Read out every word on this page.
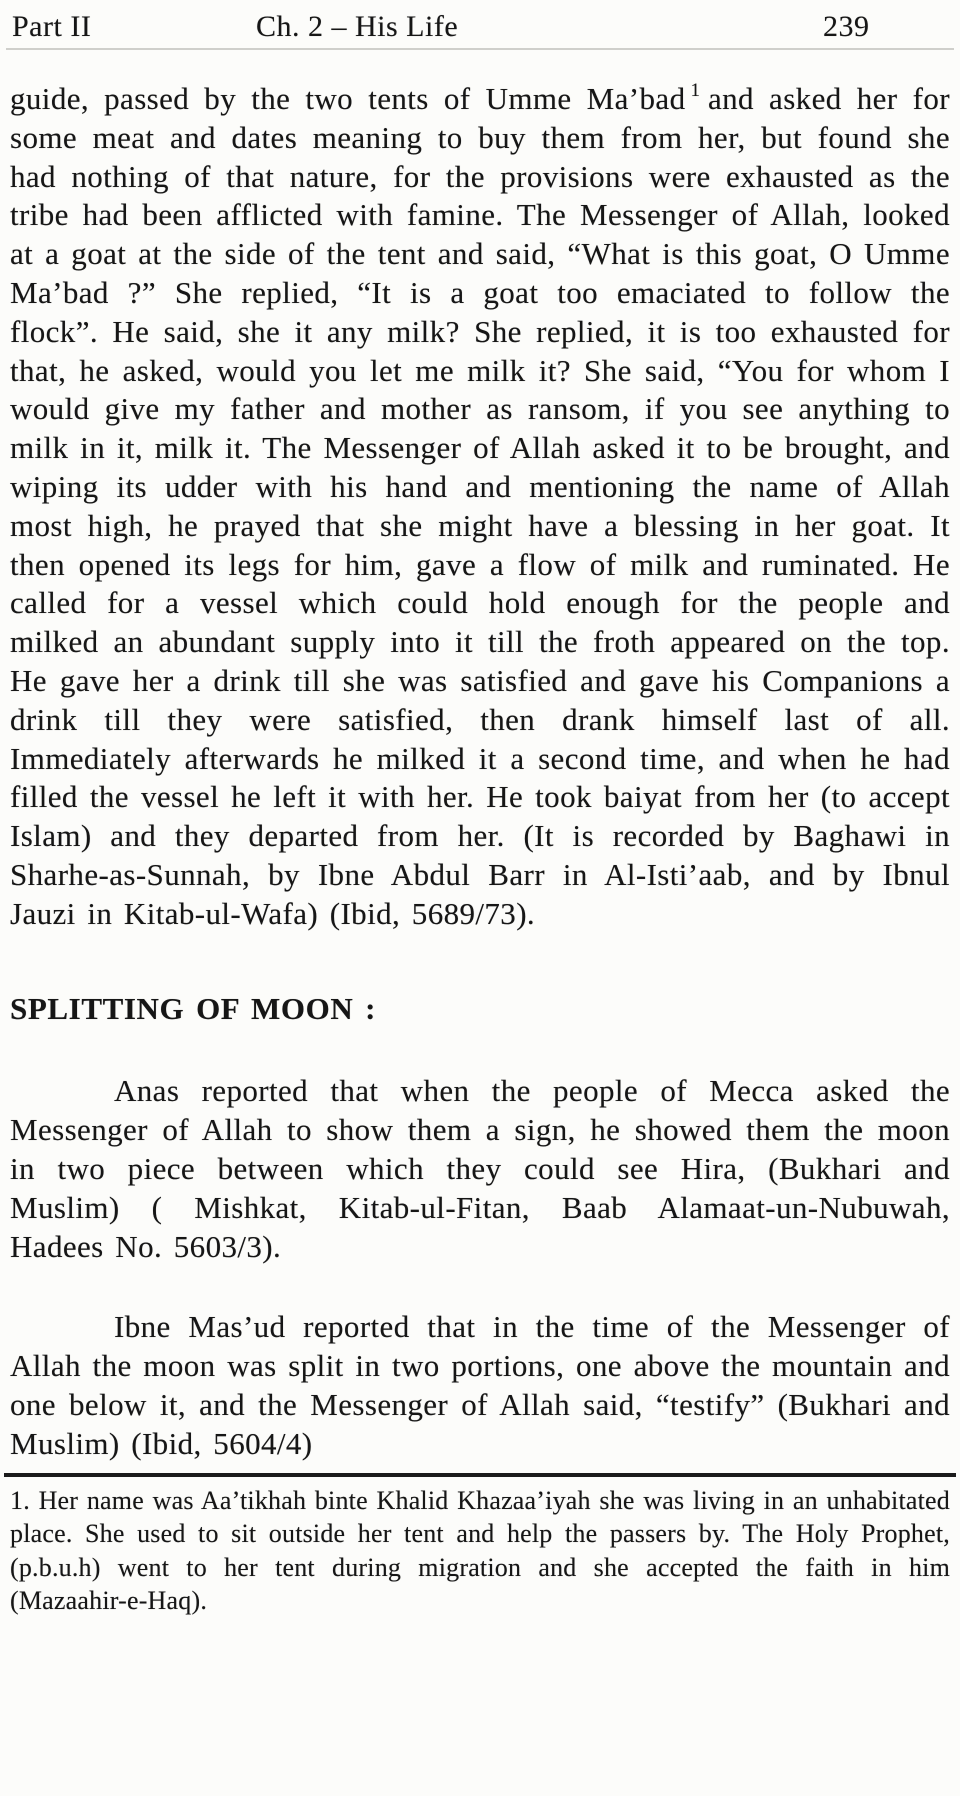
Part II	Ch. 2 – His Life	239

guide, passed by the two tents of Umme Ma’bad $^1$ and asked her for some meat and dates meaning to buy them from her, but found she had nothing of that nature, for the provisions were exhausted as the tribe had been afflicted with famine. The Messenger of Allah, looked at a goat at the side of the tent and said, “What is this goat, O Umme Ma’bad ?” She replied, “It is a goat too emaciated to follow the flock”. He said, she it any milk? She replied, it is too exhausted for that, he asked, would you let me milk it? She said, “You for whom I would give my father and mother as ransom, if you see anything to milk in it, milk it. The Messenger of Allah asked it to be brought, and wiping its udder with his hand and mentioning the name of Allah most high, he prayed that she might have a blessing in her goat. It then opened its legs for him, gave a flow of milk and ruminated. He called for a vessel which could hold enough for the people and milked an abundant supply into it till the froth appeared on the top. He gave her a drink till she was satisfied and gave his Companions a drink till they were satisfied, then drank himself last of all. Immediately afterwards he milked it a second time, and when he had filled the vessel he left it with her. He took baiyat from her (to accept Islam) and they departed from her. (It is recorded by Baghawi in Sharhe-as-Sunnah, by Ibne Abdul Barr in Al-Isti’aab, and by Ibnul Jauzi in Kitab-ul-Wafa) (Ibid, 5689/73).

SPLITTING OF MOON :

Anas reported that when the people of Mecca asked the Messenger of Allah to show them a sign, he showed them the moon in two piece between which they could see Hira, (Bukhari and Muslim) ( Mishkat, Kitab-ul-Fitan, Baab Alamaat-un-Nubuwah, Hadees No. 5603/3).

Ibne Mas’ud reported that in the time of the Messenger of Allah the moon was split in two portions, one above the mountain and one below it, and the Messenger of Allah said, “testify” (Bukhari and Muslim) (Ibid, 5604/4)

1. Her name was Aa’tikhah binte Khalid Khazaa’iyah she was living in an unhabitated place. She used to sit outside her tent and help the passers by. The Holy Prophet, (p.b.u.h) went to her tent during migration and she accepted the faith in him (Mazaahir-e-Haq).
